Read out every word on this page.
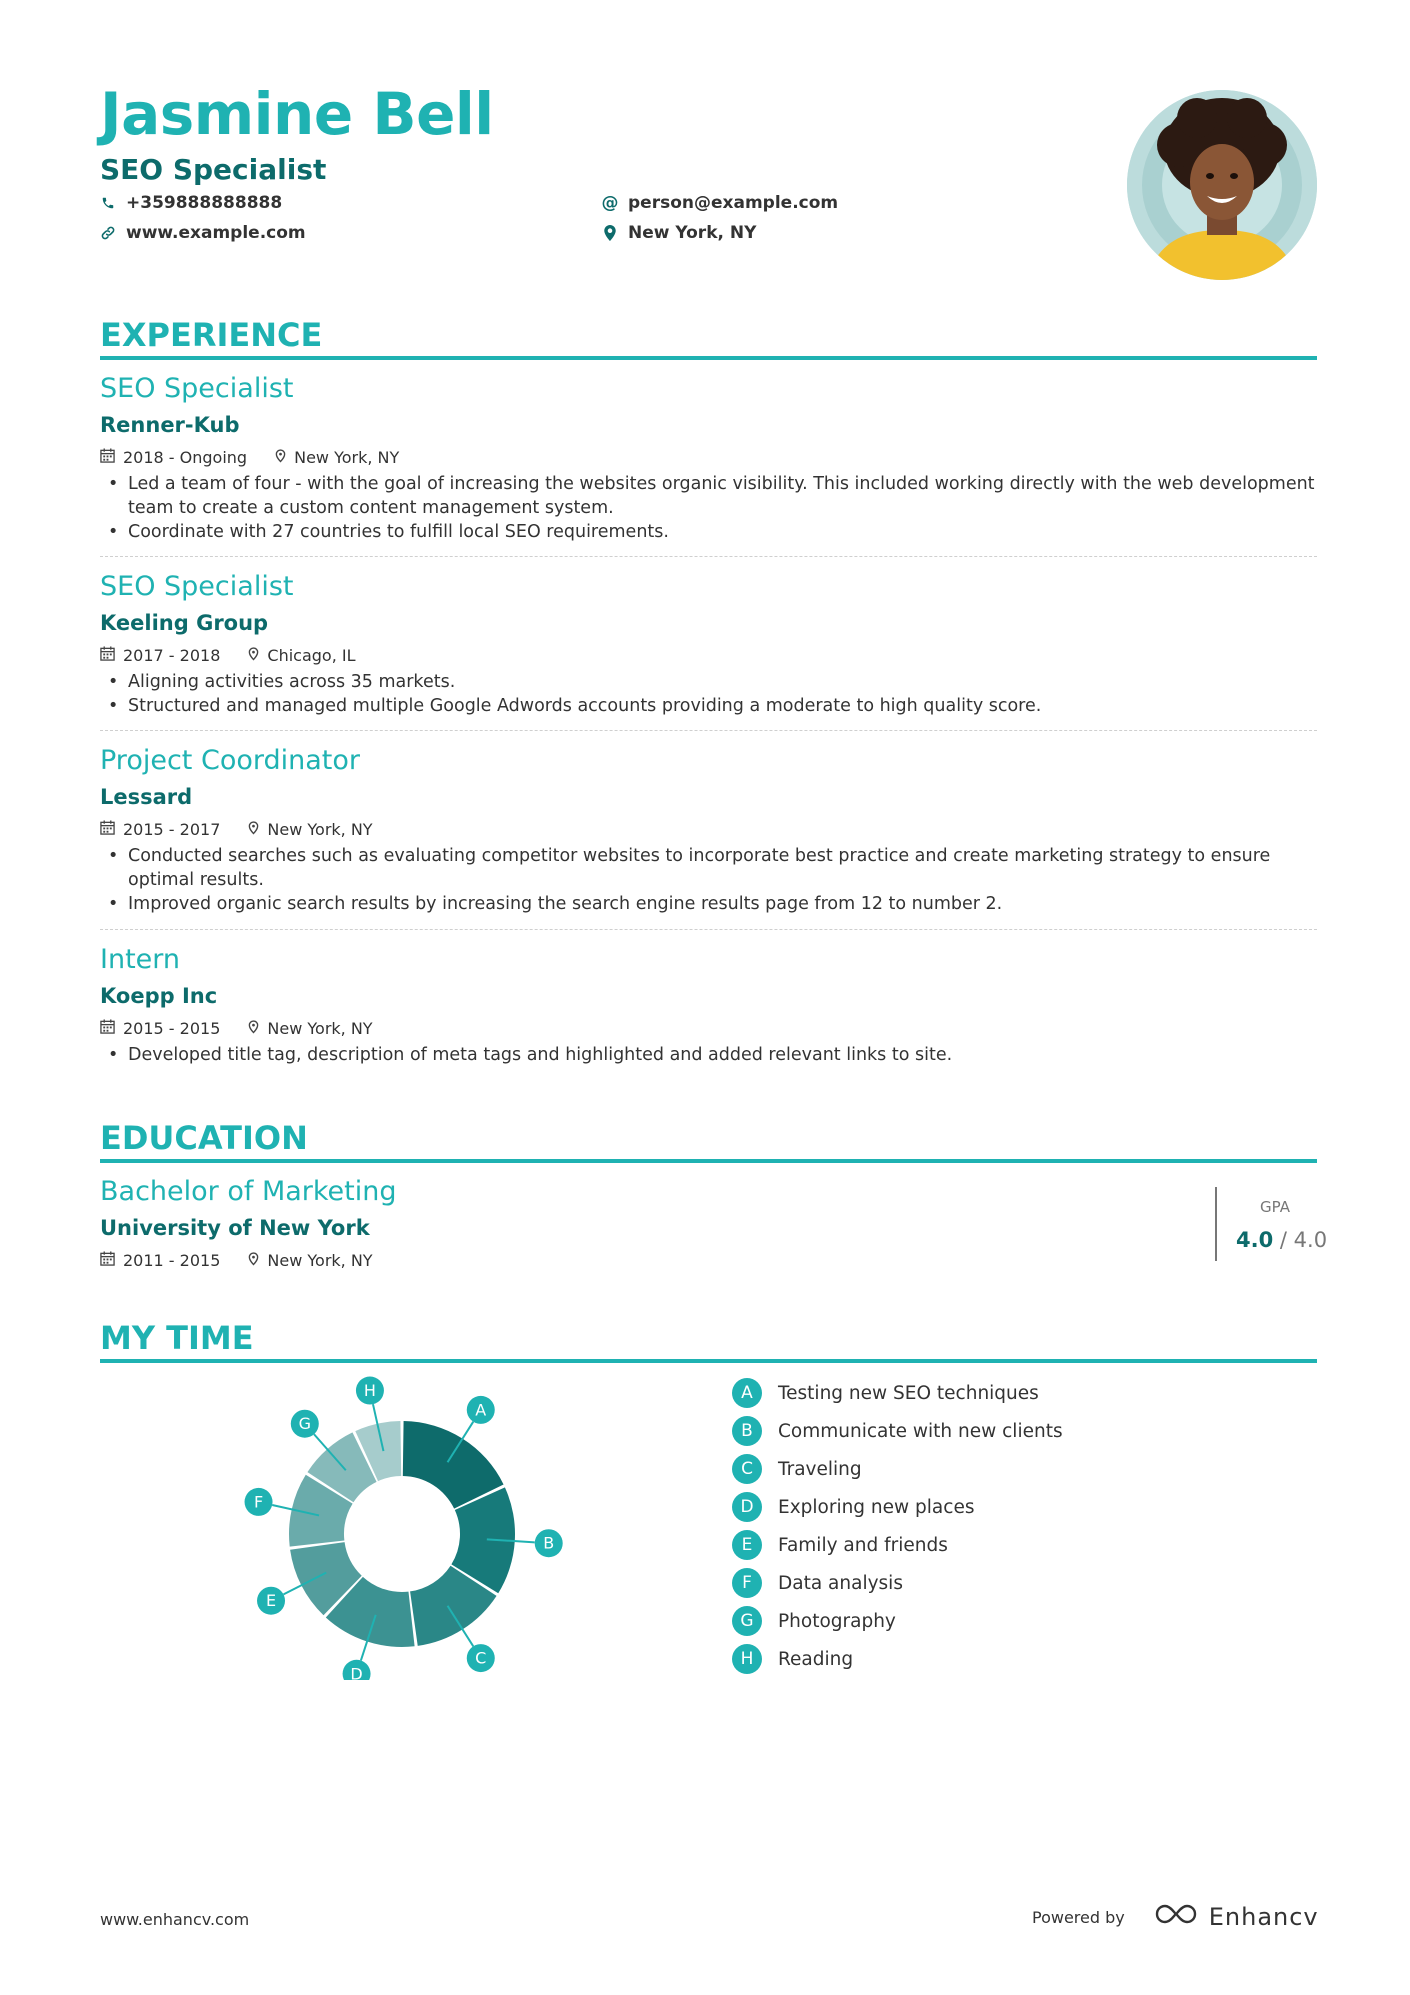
Jasmine Bell
SEO Specialist
+359888888888
www.example.com
@ person@example.com
New York, NY
EXPERIENCE
SEO Specialist
Renner-Kub
2018 - Ongoing	New York, NY
• Led a team of four - with the goal of increasing the websites organic visibility. This included working directly with the web development team to create a custom content management system.
• Coordinate with 27 countries to fulfill local SEO requirements.
SEO Specialist
Keeling Group
2017 - 2018	Chicago, IL
• Aligning activities across 35 markets.
• Structured and managed multiple Google Adwords accounts providing a moderate to high quality score.
Project Coordinator
Lessard
2015 - 2017	New York, NY
• Conducted searches such as evaluating competitor websites to incorporate best practice and create marketing strategy to ensure optimal results.
• Improved organic search results by increasing the search engine results page from 12 to number 2.
Intern
Koepp Inc
2015 - 2015	New York, NY
• Developed title tag, description of meta tags and highlighted and added relevant links to site.
EDUCATION
Bachelor of Marketing
University of New York
2011 - 2015	New York, NY
GPA
4.0 / 4.0
MY TIME
A
B
C
D
E
F
G
H	A	Testing new SEO techniques
B	Communicate with new clients
C	Traveling
D	Exploring new places
E	Family and friends
F	Data analysis
G	Photography
H	Reading
www.enhancv.com	Powered by	Enhancv
